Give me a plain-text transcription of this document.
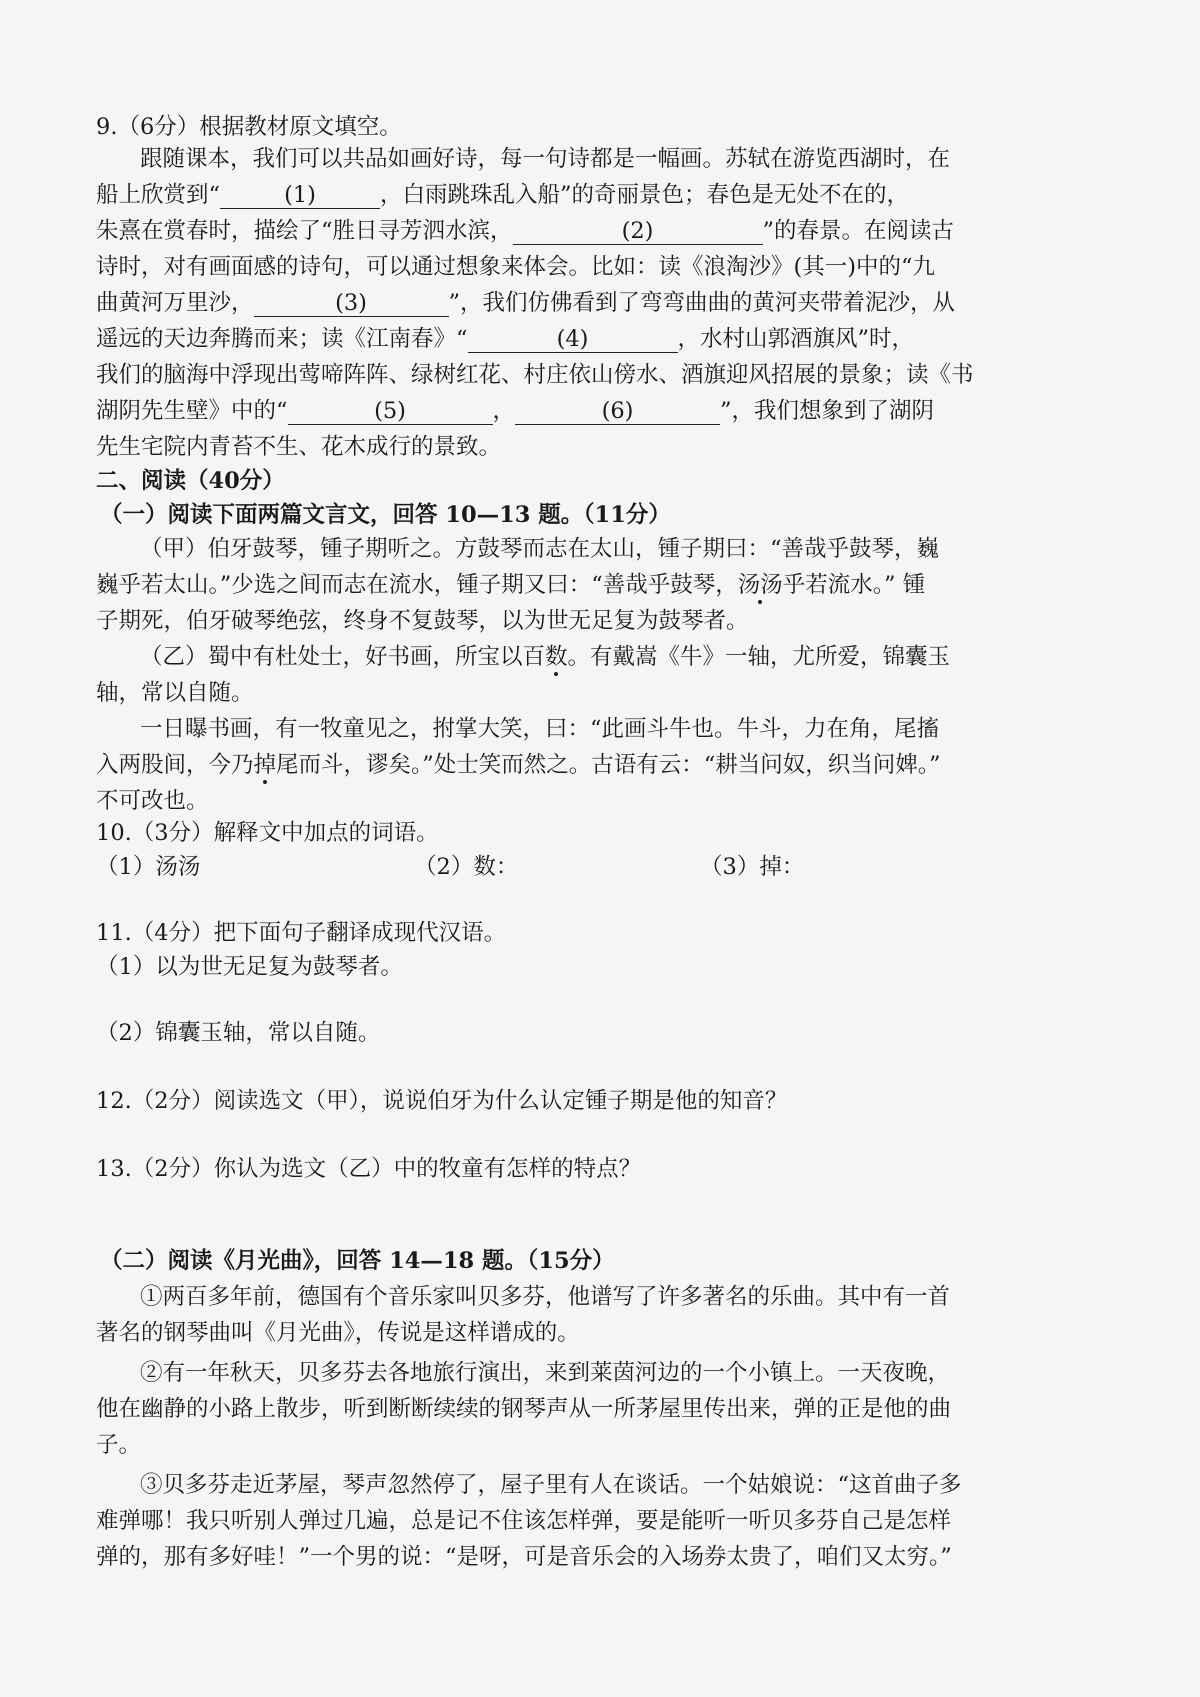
9.（6分）根据教材原文填空。
跟随课本，我们可以共品如画好诗，每一句诗都是一幅画。苏轼在游览西湖时，在
船上欣赏到“	(1)	，白雨跳珠乱入船”的奇丽景色；春色是无处不在的，
朱熹在赏春时，描绘了“胜日寻芳泗水滨，	(2)	”的春景。在阅读古
诗时，对有画面感的诗句，可以通过想象来体会。比如：读《浪淘沙》(其一)中的“九
曲黄河万里沙，	(3)	”，我们仿佛看到了弯弯曲曲的黄河夹带着泥沙，从
遥远的天边奔腾而来；读《江南春》“	(4)	，水村山郭酒旗风”时，
我们的脑海中浮现出莺啼阵阵、绿树红花、村庄依山傍水、酒旗迎风招展的景象；读《书
湖阴先生壁》中的“	(5)	，	(6)	”，我们想象到了湖阴
先生宅院内青苔不生、花木成行的景致。
二、阅读（40分）
（一）阅读下面两篇文言文，回答 10—13 题。（11分）
（甲）伯牙鼓琴，锺子期听之。方鼓琴而志在太山，锺子期曰：“善哉乎鼓琴，巍
巍乎若太山。”少选之间而志在流水，锺子期又曰：“善哉乎鼓琴，汤汤乎若流水。” 锺
子期死，伯牙破琴绝弦，终身不复鼓琴，以为世无足复为鼓琴者。
（乙）蜀中有杜处士，好书画，所宝以百数。有戴嵩《牛》一轴，尤所爱，锦囊玉
轴，常以自随。
一日曝书画，有一牧童见之，拊掌大笑，曰：“此画斗牛也。牛斗，力在角，尾搐
入两股间，今乃掉尾而斗，谬矣。”处士笑而然之。古语有云：“耕当问奴，织当问婢。”
不可改也。
10.（3分）解释文中加点的词语。
（1）汤汤	（2）数：	（3）掉：
11.（4分）把下面句子翻译成现代汉语。
（1）以为世无足复为鼓琴者。
（2）锦囊玉轴，常以自随。
12.（2分）阅读选文（甲），说说伯牙为什么认定锺子期是他的知音？
13.（2分）你认为选文（乙）中的牧童有怎样的特点？
（二）阅读《月光曲》，回答 14—18 题。（15分）
①两百多年前，德国有个音乐家叫贝多芬，他谱写了许多著名的乐曲。其中有一首
著名的钢琴曲叫《月光曲》，传说是这样谱成的。
②有一年秋天，贝多芬去各地旅行演出，来到莱茵河边的一个小镇上。一天夜晚，
他在幽静的小路上散步，听到断断续续的钢琴声从一所茅屋里传出来，弹的正是他的曲
子。
③贝多芬走近茅屋，琴声忽然停了，屋子里有人在谈话。一个姑娘说：“这首曲子多
难弹哪！我只听别人弹过几遍，总是记不住该怎样弹，要是能听一听贝多芬自己是怎样
弹的，那有多好哇！”一个男的说：“是呀，可是音乐会的入场券太贵了，咱们又太穷。”
